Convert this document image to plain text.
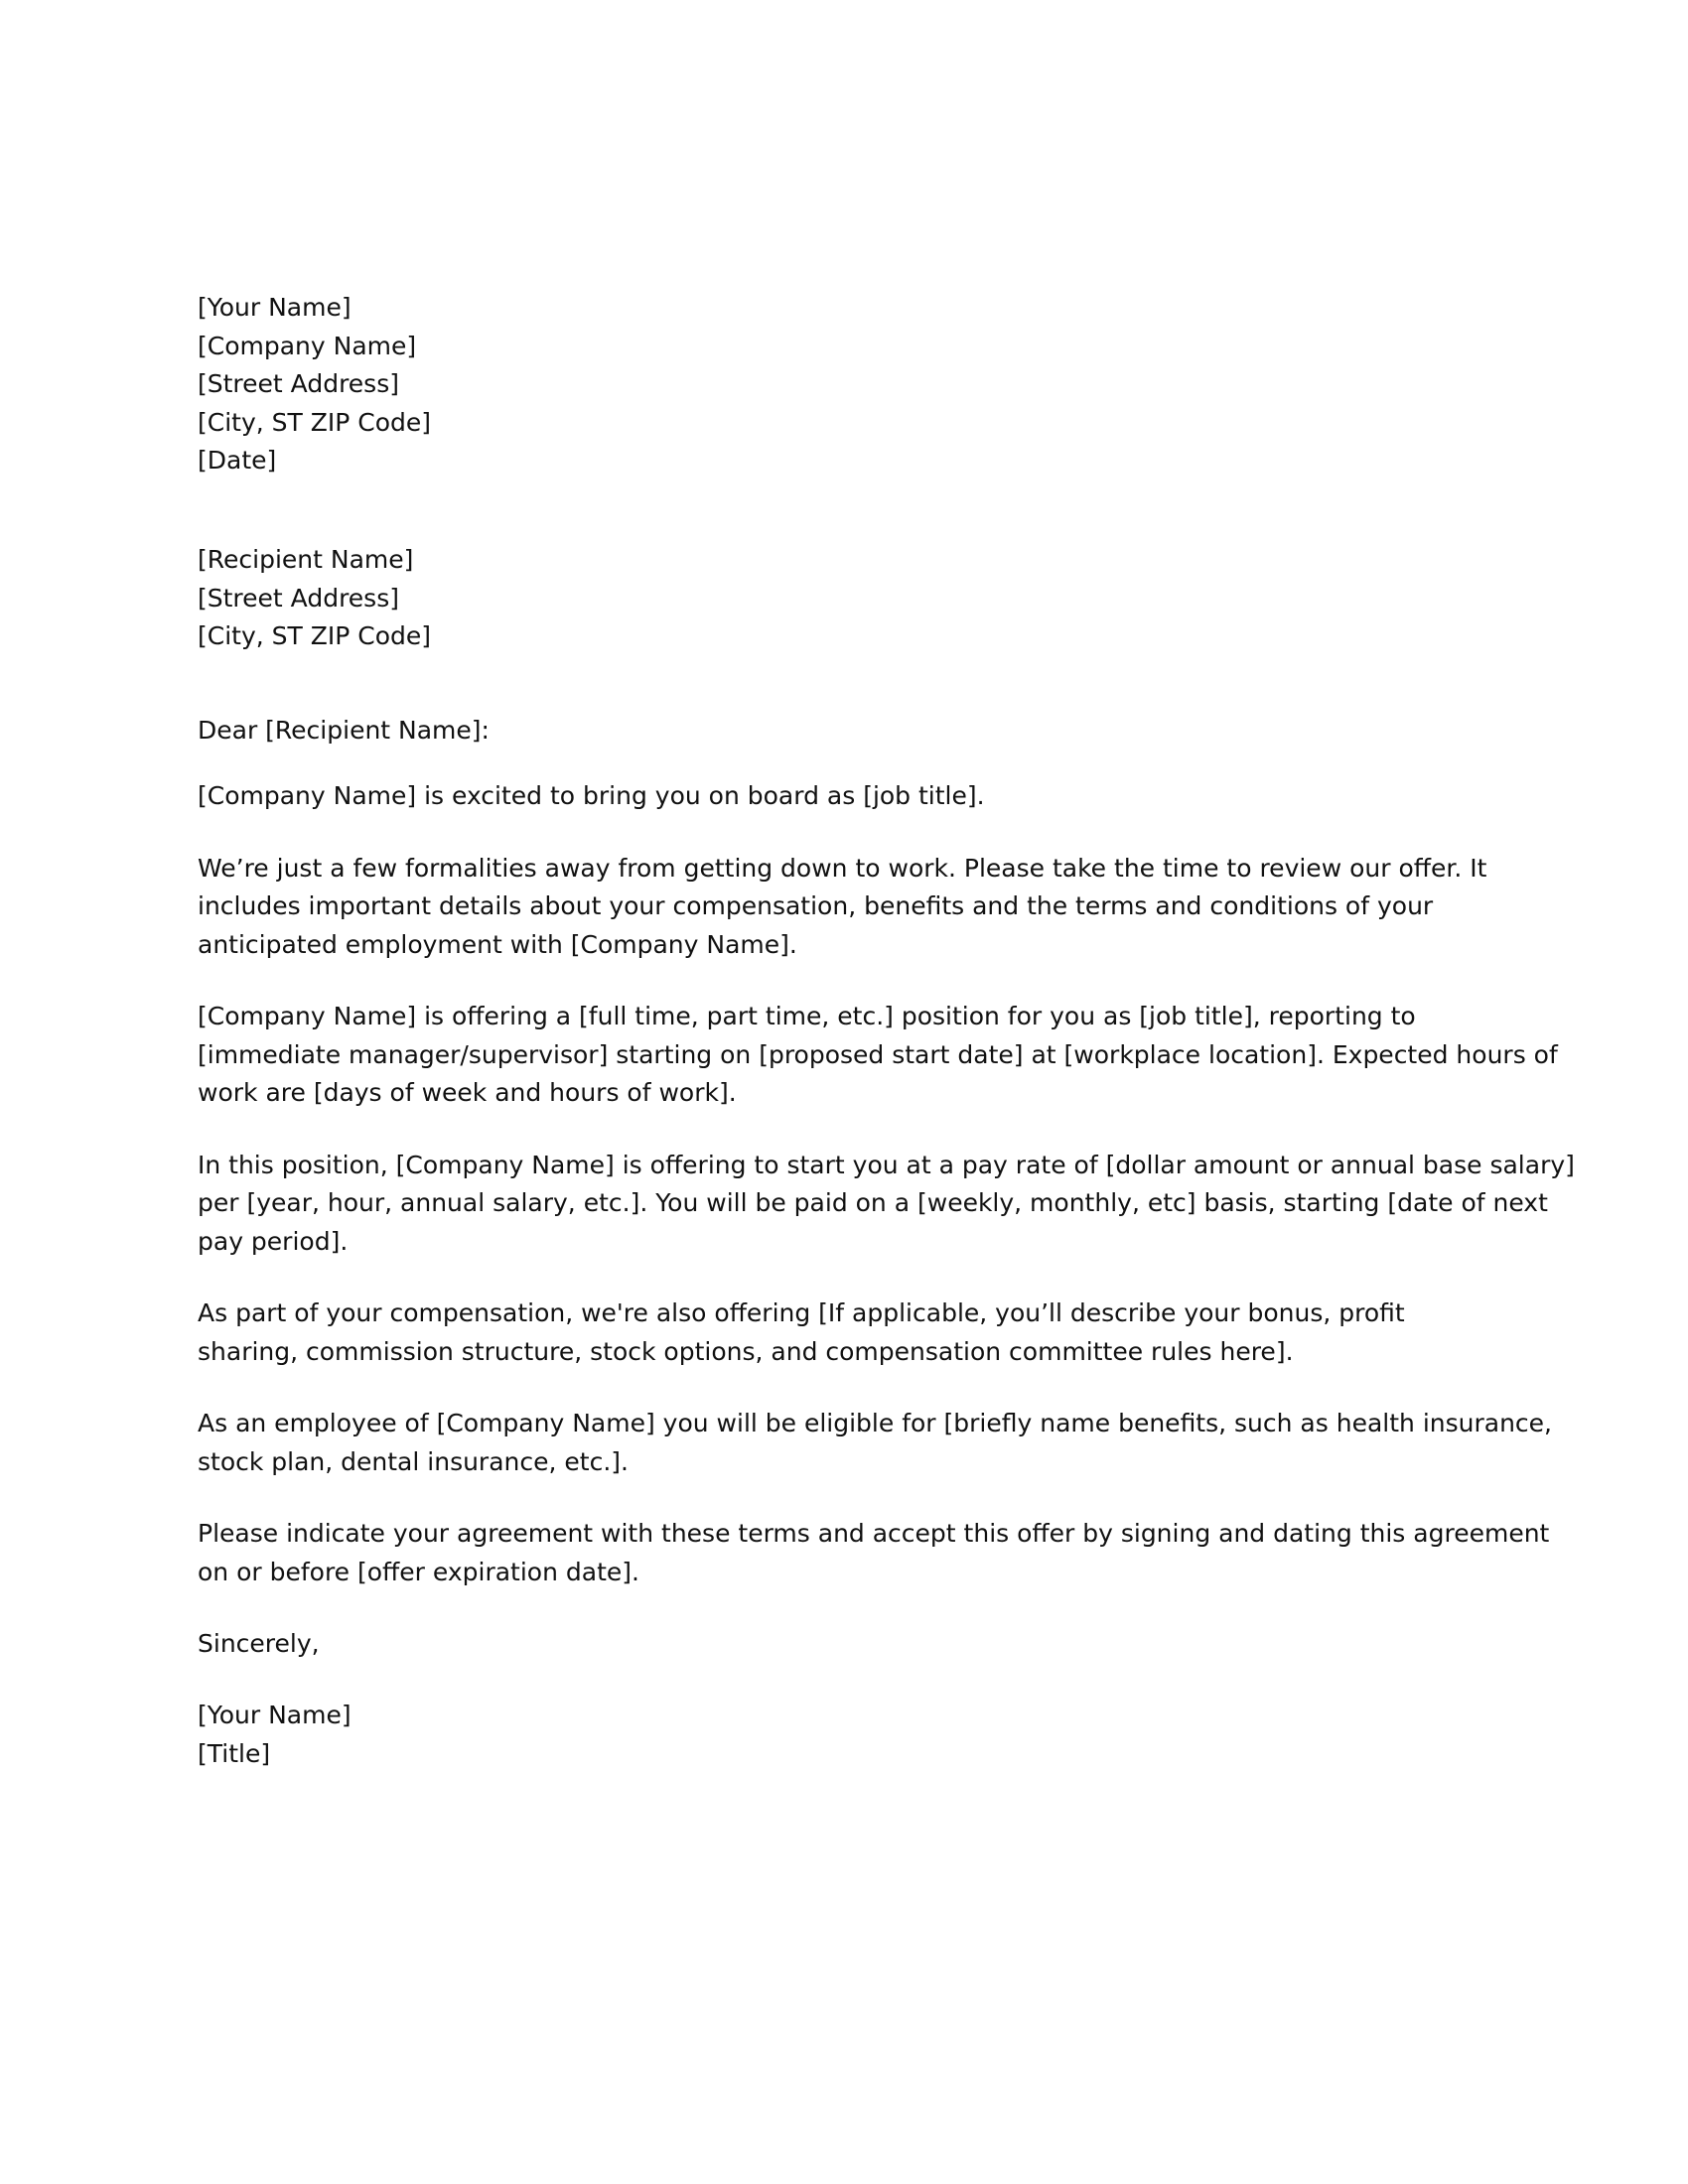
[Your Name]

[Company Name]

[Street Address]

[City, ST ZIP Code]

[Date]

[Recipient Name]

[Street Address]

[City, ST ZIP Code]

Dear [Recipient Name]:

[Company Name] is excited to bring you on board as [job title].

We’re just a few formalities away from getting down to work. Please take the time to review our offer. It

includes important details about your compensation, benefits and the terms and conditions of your

anticipated employment with [Company Name].

[Company Name] is offering a [full time, part time, etc.] position for you as [job title], reporting to

[immediate manager/supervisor] starting on [proposed start date] at [workplace location]. Expected hours of

work are [days of week and hours of work].

In this position, [Company Name] is offering to start you at a pay rate of [dollar amount or annual base salary]

per [year, hour, annual salary, etc.]. You will be paid on a [weekly, monthly, etc] basis, starting [date of next

pay period].

As part of your compensation, we're also offering [If applicable, you’ll describe your bonus, profit

sharing, commission structure, stock options, and compensation committee rules here].

As an employee of [Company Name] you will be eligible for [briefly name benefits, such as health insurance,

stock plan, dental insurance, etc.].

Please indicate your agreement with these terms and accept this offer by signing and dating this agreement

on or before [offer expiration date].

Sincerely,

[Your Name]

[Title]
